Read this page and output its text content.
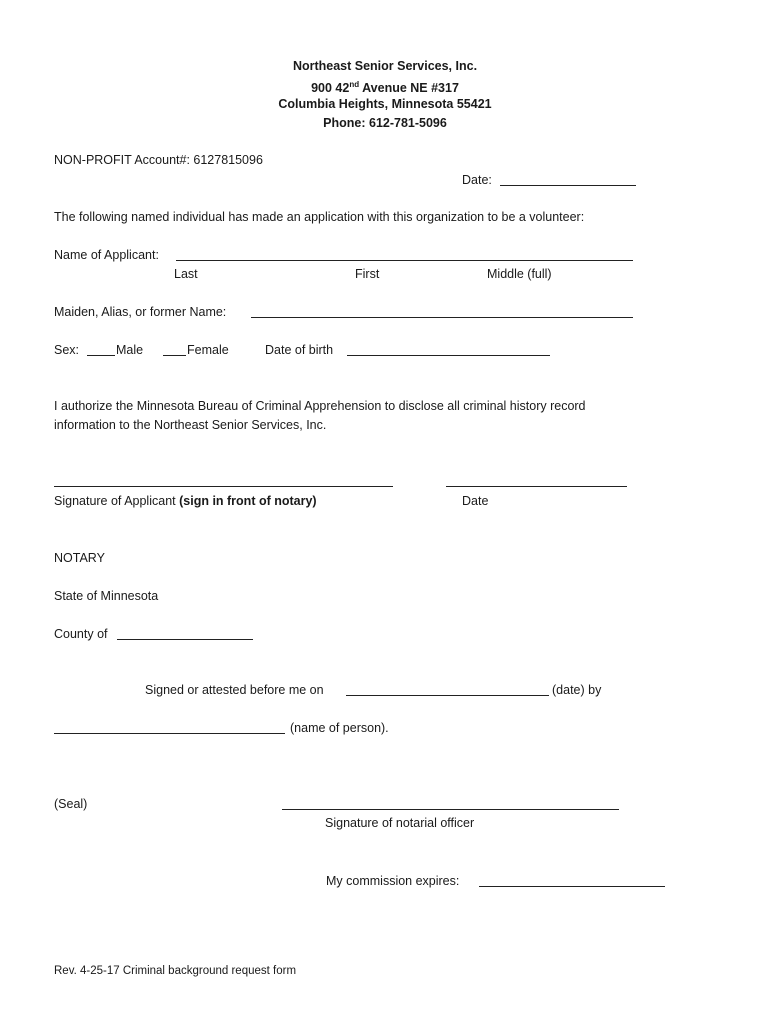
Northeast Senior Services, Inc.
900 42nd Avenue NE #317
Columbia Heights, Minnesota 55421
Phone: 612-781-5096
NON-PROFIT Account#: 6127815096
Date:
The following named individual has made an application with this organization to be a volunteer:
Name of Applicant:
Last	First	Middle (full)
Maiden, Alias, or former Name:
Sex:	Male	Female	Date of birth
I authorize the Minnesota Bureau of Criminal Apprehension to disclose all criminal history record
information to the Northeast Senior Services, Inc.
Signature of Applicant (sign in front of notary)	Date
NOTARY
State of Minnesota
County of
Signed or attested before me on	(date) by
(name of person).
(Seal)
Signature of notarial officer
My commission expires:
Rev. 4-25-17 Criminal background request form
